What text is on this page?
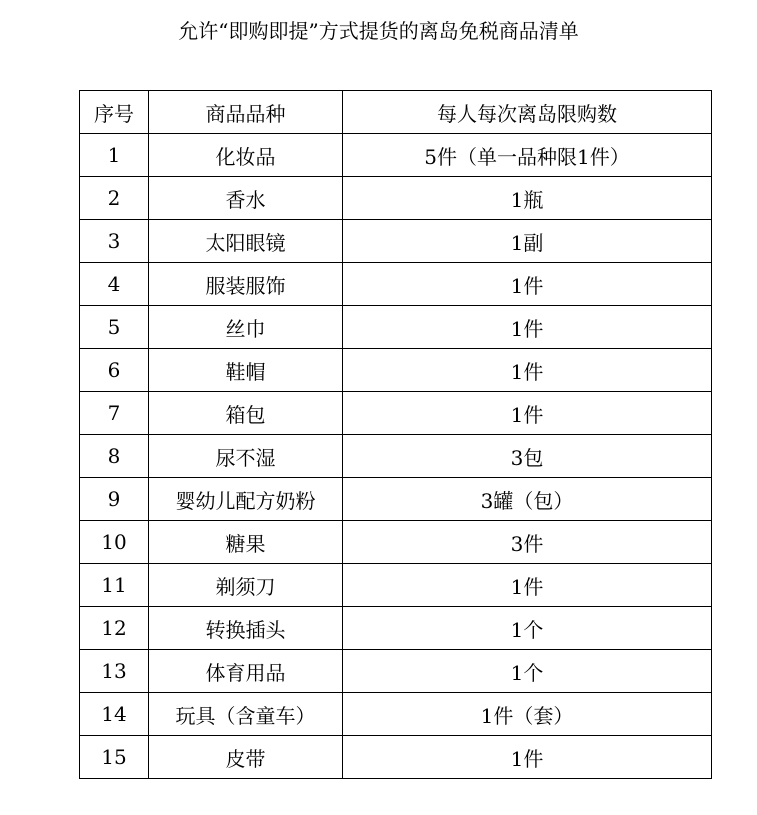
允许“即购即提”方式提货的离岛免税商品清单
序号	商品品种	每人每次离岛限购数
1	化妆品	5件（单一品种限1件）
2	香水	1瓶
3	太阳眼镜	1副
4	服装服饰	1件
5	丝巾	1件
6	鞋帽	1件
7	箱包	1件
8	尿不湿	3包
9	婴幼儿配方奶粉	3罐（包）
10	糖果	3件
11	剃须刀	1件
12	转换插头	1个
13	体育用品	1个
14	玩具（含童车）	1件（套）
15	皮带	1件
